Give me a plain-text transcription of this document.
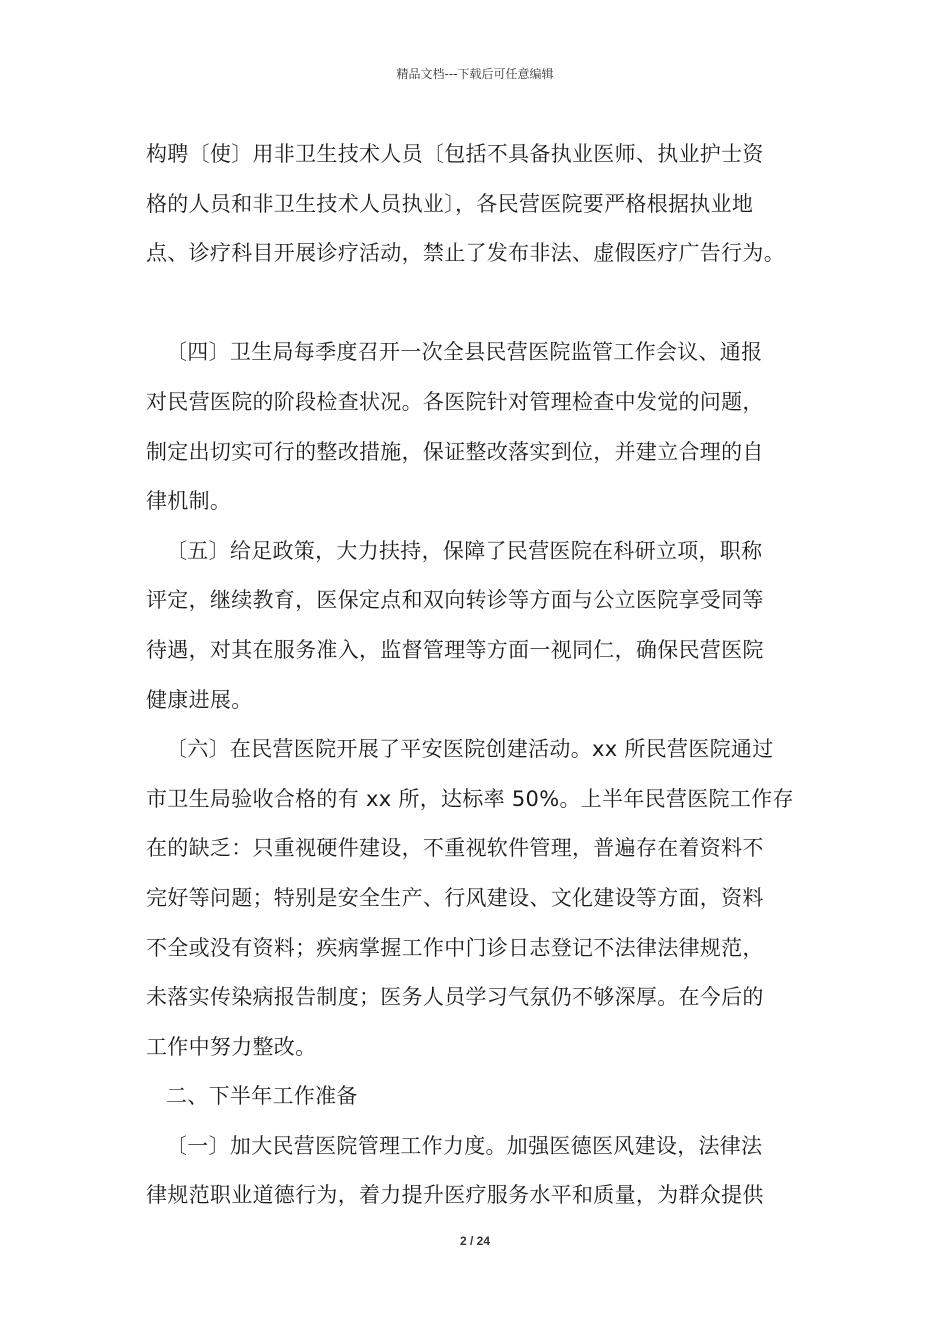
精品文档---下载后可任意编辑
构聘〔使〕用非卫生技术人员〔包括不具备执业医师、执业护士资
格的人员和非卫生技术人员执业〕，各民营医院要严格根据执业地
点、诊疗科目开展诊疗活动，禁止了发布非法、虚假医疗广告行为。
〔四〕卫生局每季度召开一次全县民营医院监管工作会议、通报
对民营医院的阶段检查状况。各医院针对管理检查中发觉的问题，
制定出切实可行的整改措施，保证整改落实到位，并建立合理的自
律机制。
〔五〕给足政策，大力扶持，保障了民营医院在科研立项，职称
评定，继续教育，医保定点和双向转诊等方面与公立医院享受同等
待遇，对其在服务准入，监督管理等方面一视同仁，确保民营医院
健康进展。
〔六〕在民营医院开展了平安医院创建活动。xx 所民营医院通过
市卫生局验收合格的有 xx 所，达标率 50%。上半年民营医院工作存
在的缺乏：只重视硬件建设，不重视软件管理，普遍存在着资料不
完好等问题；特别是安全生产、行风建设、文化建设等方面，资料
不全或没有资料；疾病掌握工作中门诊日志登记不法律法律规范，
未落实传染病报告制度；医务人员学习气氛仍不够深厚。在今后的
工作中努力整改。
二、下半年工作准备
〔一〕加大民营医院管理工作力度。加强医德医风建设，法律法
律规范职业道德行为，着力提升医疗服务水平和质量，为群众提供
2 / 24
